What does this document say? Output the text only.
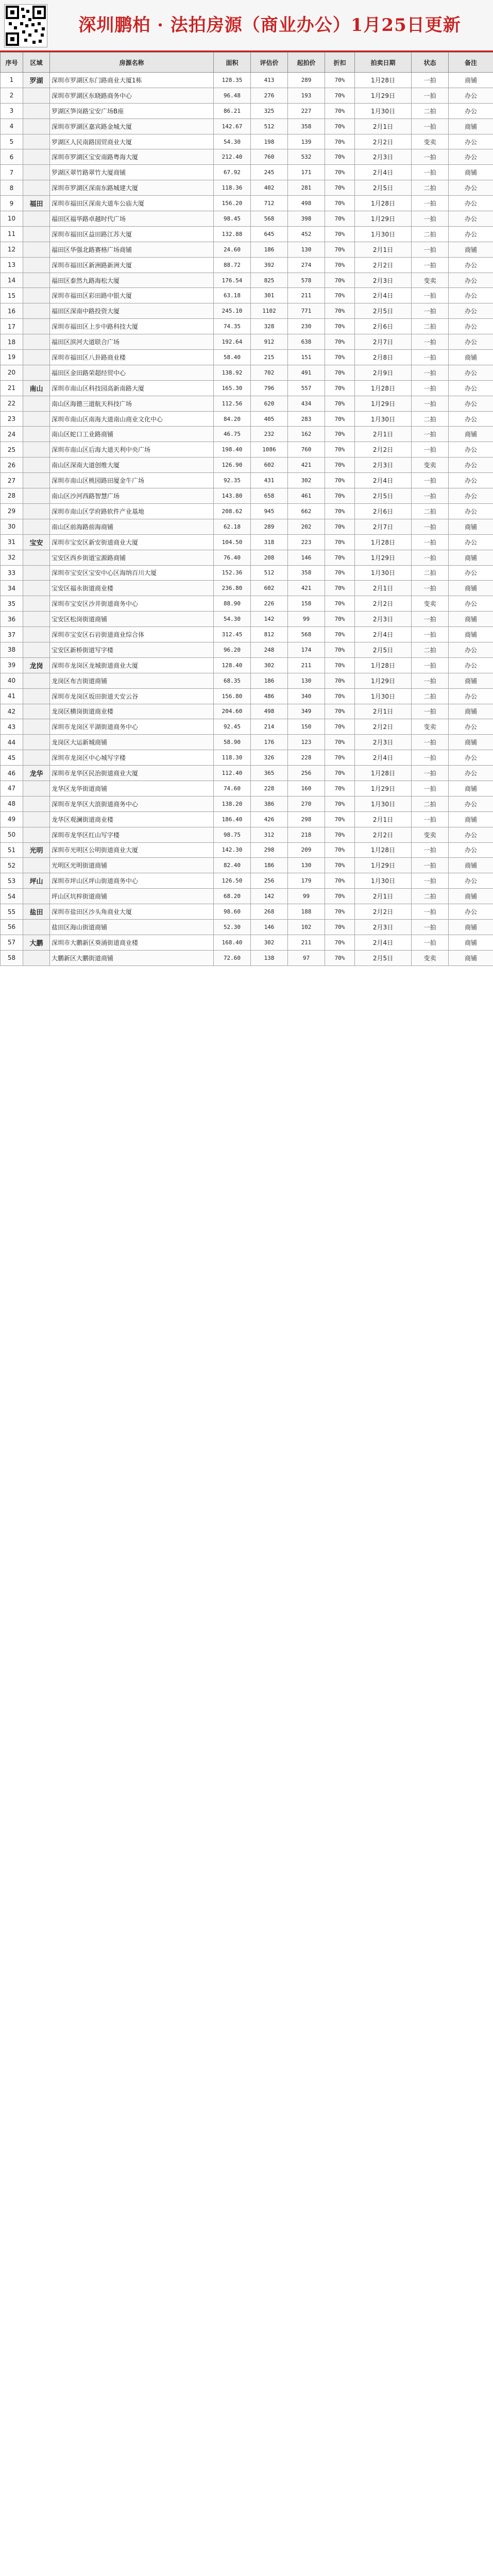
深圳鹏柏 · 法拍房源（商业办公）1月25日更新
序号	区域	房源名称	面积	评估价	起拍价	折扣	拍卖日期	状态	备注
1	罗湖	深圳市罗湖区东门路商业大厦1栋	128.35	413	289	70%	1月28日	一拍	商铺
2		深圳市罗湖区东晓路商务中心	96.48	276	193	70%	1月29日	一拍	办公
3		罗湖区笋岗路宝安广场B座	86.21	325	227	70%	1月30日	二拍	办公
4		深圳市罗湖区嘉宾路金城大厦	142.67	512	358	70%	2月1日	一拍	商铺
5		罗湖区人民南路国贸商业大厦	54.30	198	139	70%	2月2日	变卖	办公
6		深圳市罗湖区宝安南路粤海大厦	212.40	760	532	70%	2月3日	一拍	办公
7		罗湖区翠竹路翠竹大厦商铺	67.92	245	171	70%	2月4日	一拍	商铺
8		深圳市罗湖区深南东路城建大厦	118.36	402	281	70%	2月5日	二拍	办公
9	福田	深圳市福田区深南大道车公庙大厦	156.20	712	498	70%	1月28日	一拍	办公
10		福田区福华路卓越时代广场	98.45	568	398	70%	1月29日	一拍	办公
11		深圳市福田区益田路江苏大厦	132.88	645	452	70%	1月30日	二拍	办公
12		福田区华强北路赛格广场商铺	24.60	186	130	70%	2月1日	一拍	商铺
13		深圳市福田区新洲路新洲大厦	88.72	392	274	70%	2月2日	一拍	办公
14		福田区泰然九路海松大厦	176.54	825	578	70%	2月3日	变卖	办公
15		深圳市福田区彩田路中银大厦	63.18	301	211	70%	2月4日	一拍	办公
16		福田区深南中路投资大厦	245.10	1102	771	70%	2月5日	一拍	办公
17		深圳市福田区上步中路科技大厦	74.35	328	230	70%	2月6日	二拍	办公
18		福田区滨河大道联合广场	192.64	912	638	70%	2月7日	一拍	办公
19		深圳市福田区八卦路商业楼	58.40	215	151	70%	2月8日	一拍	商铺
20		福田区金田路荣超经贸中心	138.92	702	491	70%	2月9日	一拍	办公
21	南山	深圳市南山区科技园高新南路大厦	165.30	796	557	70%	1月28日	一拍	办公
22		南山区海德三道航天科技广场	112.56	620	434	70%	1月29日	一拍	办公
23		深圳市南山区南海大道南山商业文化中心	84.20	405	283	70%	1月30日	二拍	办公
24		南山区蛇口工业路商铺	46.75	232	162	70%	2月1日	一拍	商铺
25		深圳市南山区后海大道天利中央广场	198.40	1086	760	70%	2月2日	一拍	办公
26		南山区深南大道创维大厦	126.90	602	421	70%	2月3日	变卖	办公
27		深圳市南山区桃园路田厦金牛广场	92.35	431	302	70%	2月4日	一拍	办公
28		南山区沙河西路智慧广场	143.80	658	461	70%	2月5日	一拍	办公
29		深圳市南山区学府路软件产业基地	208.62	945	662	70%	2月6日	二拍	办公
30		南山区前海路前海商铺	62.18	289	202	70%	2月7日	一拍	商铺
31	宝安	深圳市宝安区新安街道商业大厦	104.50	318	223	70%	1月28日	一拍	办公
32		宝安区西乡街道宝源路商铺	76.40	208	146	70%	1月29日	一拍	商铺
33		深圳市宝安区宝安中心区海纳百川大厦	152.36	512	358	70%	1月30日	二拍	办公
34		宝安区福永街道商业楼	236.80	602	421	70%	2月1日	一拍	商铺
35		深圳市宝安区沙井街道商务中心	88.90	226	158	70%	2月2日	变卖	办公
36		宝安区松岗街道商铺	54.30	142	99	70%	2月3日	一拍	商铺
37		深圳市宝安区石岩街道商业综合体	312.45	812	568	70%	2月4日	一拍	商铺
38		宝安区新桥街道写字楼	96.20	248	174	70%	2月5日	二拍	办公
39	龙岗	深圳市龙岗区龙城街道商业大厦	128.40	302	211	70%	1月28日	一拍	办公
40		龙岗区布吉街道商铺	68.35	186	130	70%	1月29日	一拍	商铺
41		深圳市龙岗区坂田街道天安云谷	156.80	486	340	70%	1月30日	二拍	办公
42		龙岗区横岗街道商业楼	204.60	498	349	70%	2月1日	一拍	商铺
43		深圳市龙岗区平湖街道商务中心	92.45	214	150	70%	2月2日	变卖	办公
44		龙岗区大运新城商铺	58.90	176	123	70%	2月3日	一拍	商铺
45		深圳市龙岗区中心城写字楼	118.30	326	228	70%	2月4日	一拍	办公
46	龙华	深圳市龙华区民治街道商业大厦	112.40	365	256	70%	1月28日	一拍	办公
47		龙华区龙华街道商铺	74.60	228	160	70%	1月29日	一拍	商铺
48		深圳市龙华区大浪街道商务中心	138.20	386	270	70%	1月30日	二拍	办公
49		龙华区观澜街道商业楼	186.40	426	298	70%	2月1日	一拍	商铺
50		深圳市龙华区红山写字楼	98.75	312	218	70%	2月2日	变卖	办公
51	光明	深圳市光明区公明街道商业大厦	142.30	298	209	70%	1月28日	一拍	办公
52		光明区光明街道商铺	82.40	186	130	70%	1月29日	一拍	商铺
53	坪山	深圳市坪山区坪山街道商务中心	126.50	256	179	70%	1月30日	一拍	办公
54		坪山区坑梓街道商铺	68.20	142	99	70%	2月1日	二拍	商铺
55	盐田	深圳市盐田区沙头角商业大厦	98.60	268	188	70%	2月2日	一拍	办公
56		盐田区海山街道商铺	52.30	146	102	70%	2月3日	一拍	商铺
57	大鹏	深圳市大鹏新区葵涌街道商业楼	168.40	302	211	70%	2月4日	一拍	商铺
58		大鹏新区大鹏街道商铺	72.60	138	97	70%	2月5日	变卖	商铺
